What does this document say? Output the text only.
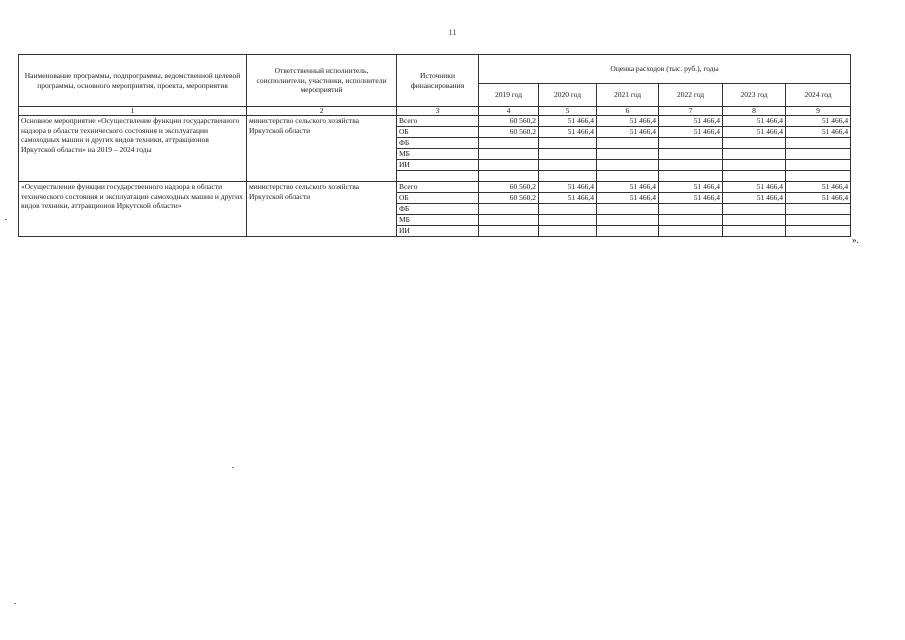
11
Наименование программы, подпрограммы, ведомственной целевой программы, основного мероприятия, проекта, мероприятия	Ответственный исполнитель, соисполнители, участники, исполнители мероприятий	Источники финансирования	Оценка расходов (тыс. руб.), годы					
			2019 год	2020 год	2021 год	2022 год	2023 год	2024 год
1	2	3	4	5	6	7	8	9
Основное мероприятие «Осуществление функции государственного надзора в области технического состояния и эксплуатации самоходных машин и других видов техники, аттракционов Иркутской области» на 2019 – 2024 годы	министерство сельского хозяйства Иркутской области	Всего	60 560,2	51 466,4	51 466,4	51 466,4	51 466,4	51 466,4
		ОБ	60 560,2	51 466,4	51 466,4	51 466,4	51 466,4	51 466,4
		ФБ						
		МБ						
		ИИ						

«Осуществление функции государственного надзора в области технического состояния и эксплуатации самоходных машин и других видов техники, аттракционов Иркутской области»	министерство сельского хозяйства Иркутской области	Всего	60 560,2	51 466,4	51 466,4	51 466,4	51 466,4	51 466,4
		ОБ	60 560,2	51 466,4	51 466,4	51 466,4	51 466,4	51 466,4
		ФБ						
		МБ						
		ИИ						
».
